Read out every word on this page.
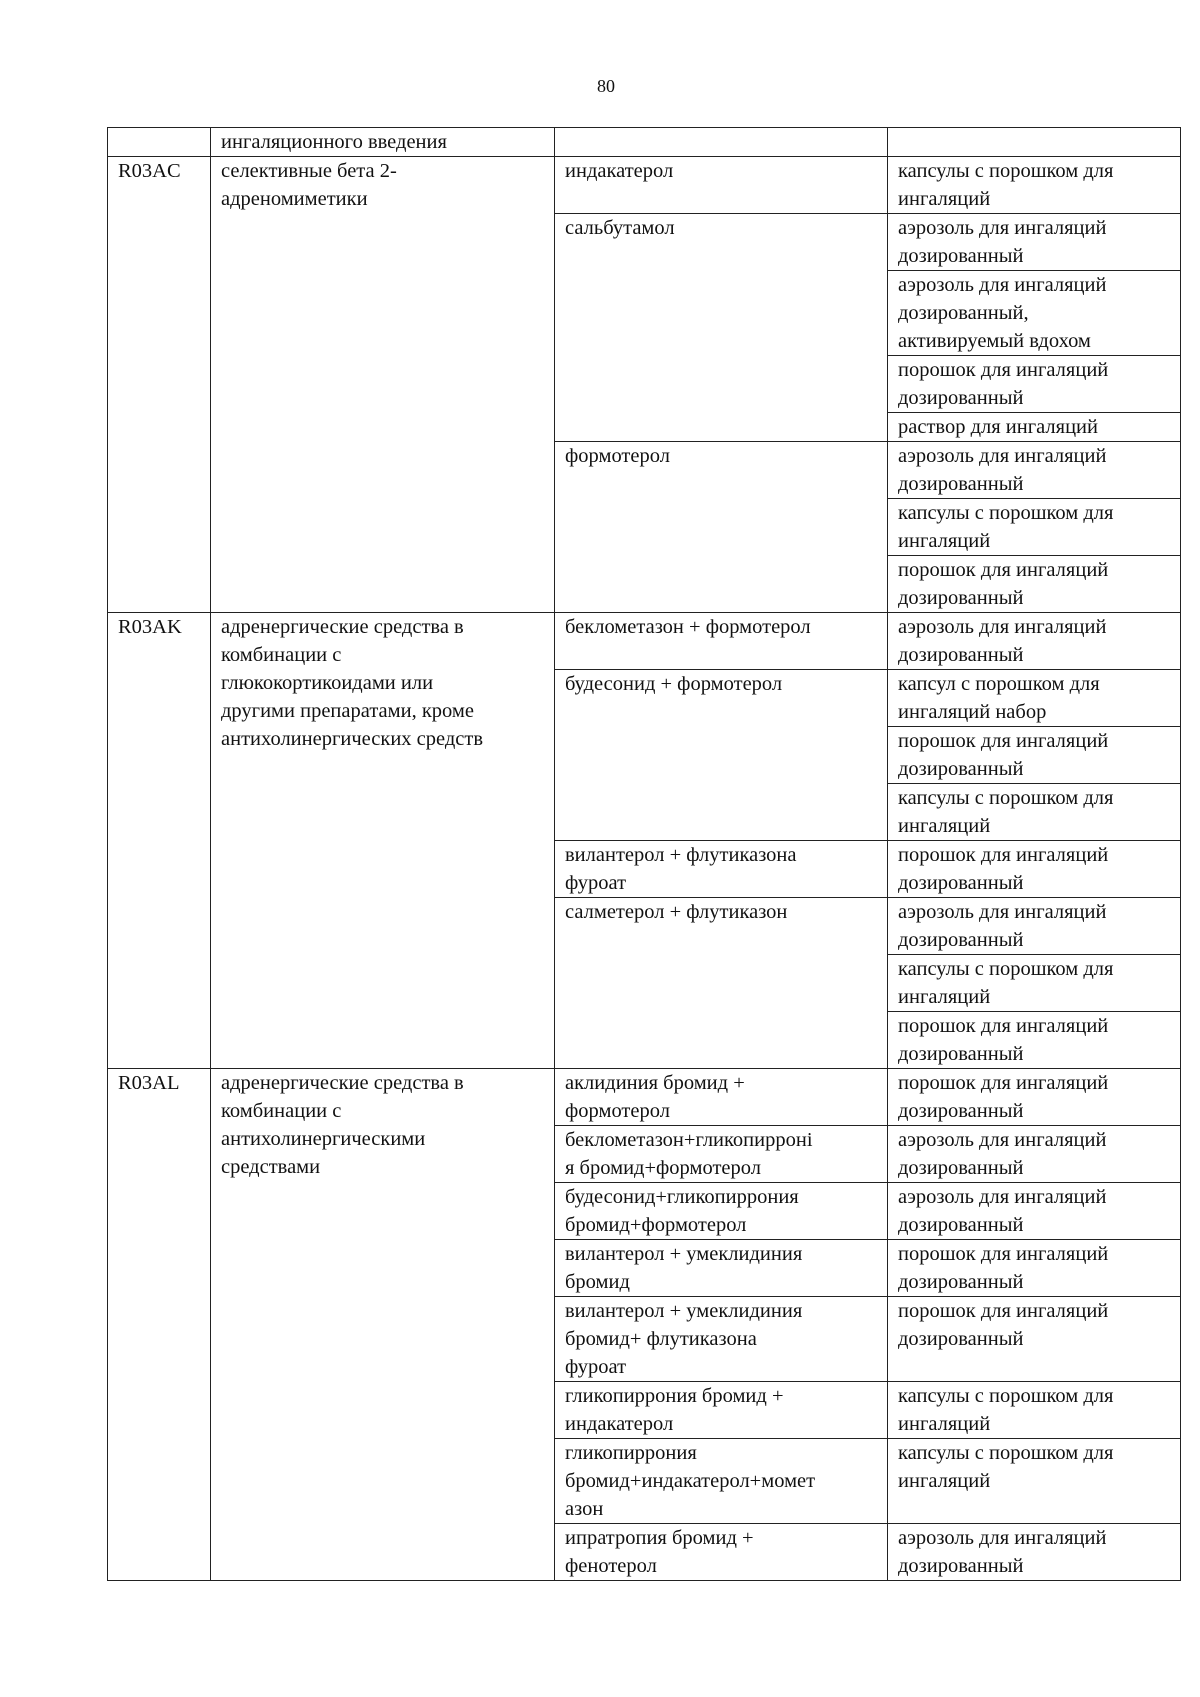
80
	ингаляционного введения		
R03AC	селективные бета 2-
адреномиметики	индакатерол	капсулы с порошком для
ингаляций
		сальбутамол	аэрозоль для ингаляций
дозированный
			аэрозоль для ингаляций
дозированный,
активируемый вдохом
			порошок для ингаляций
дозированный
			раствор для ингаляций
		формотерол	аэрозоль для ингаляций
дозированный
			капсулы с порошком для
ингаляций
			порошок для ингаляций
дозированный
R03AK	адренергические средства в
комбинации с
глюкокортикоидами или
другими препаратами, кроме
антихолинергических средств	беклометазон + формотерол	аэрозоль для ингаляций
дозированный
		будесонид + формотерол	капсул с порошком для
ингаляций набор
			порошок для ингаляций
дозированный
			капсулы с порошком для
ингаляций
		вилантерол + флутиказона
фуроат	порошок для ингаляций
дозированный
		салметерол + флутиказон	аэрозоль для ингаляций
дозированный
			капсулы с порошком для
ингаляций
			порошок для ингаляций
дозированный
R03AL	адренергические средства в
комбинации с
антихолинергическими
средствами	аклидиния бромид +
формотерол	порошок для ингаляций
дозированный
		беклометазон+гликопирронi
я бромид+формотерол	аэрозоль для ингаляций
дозированный
		будесонид+гликопиррония
бромид+формотерол	аэрозоль для ингаляций
дозированный
		вилантерол + умеклидиния
бромид	порошок для ингаляций
дозированный
		вилантерол + умеклидиния
бромид+ флутиказона
фуроат	порошок для ингаляций
дозированный
		гликопиррония бромид +
индакатерол	капсулы с порошком для
ингаляций
		гликопиррония
бромид+индакатерол+момет
азон	капсулы с порошком для
ингаляций
		ипратропия бромид +
фенотерол	аэрозоль для ингаляций
дозированный
